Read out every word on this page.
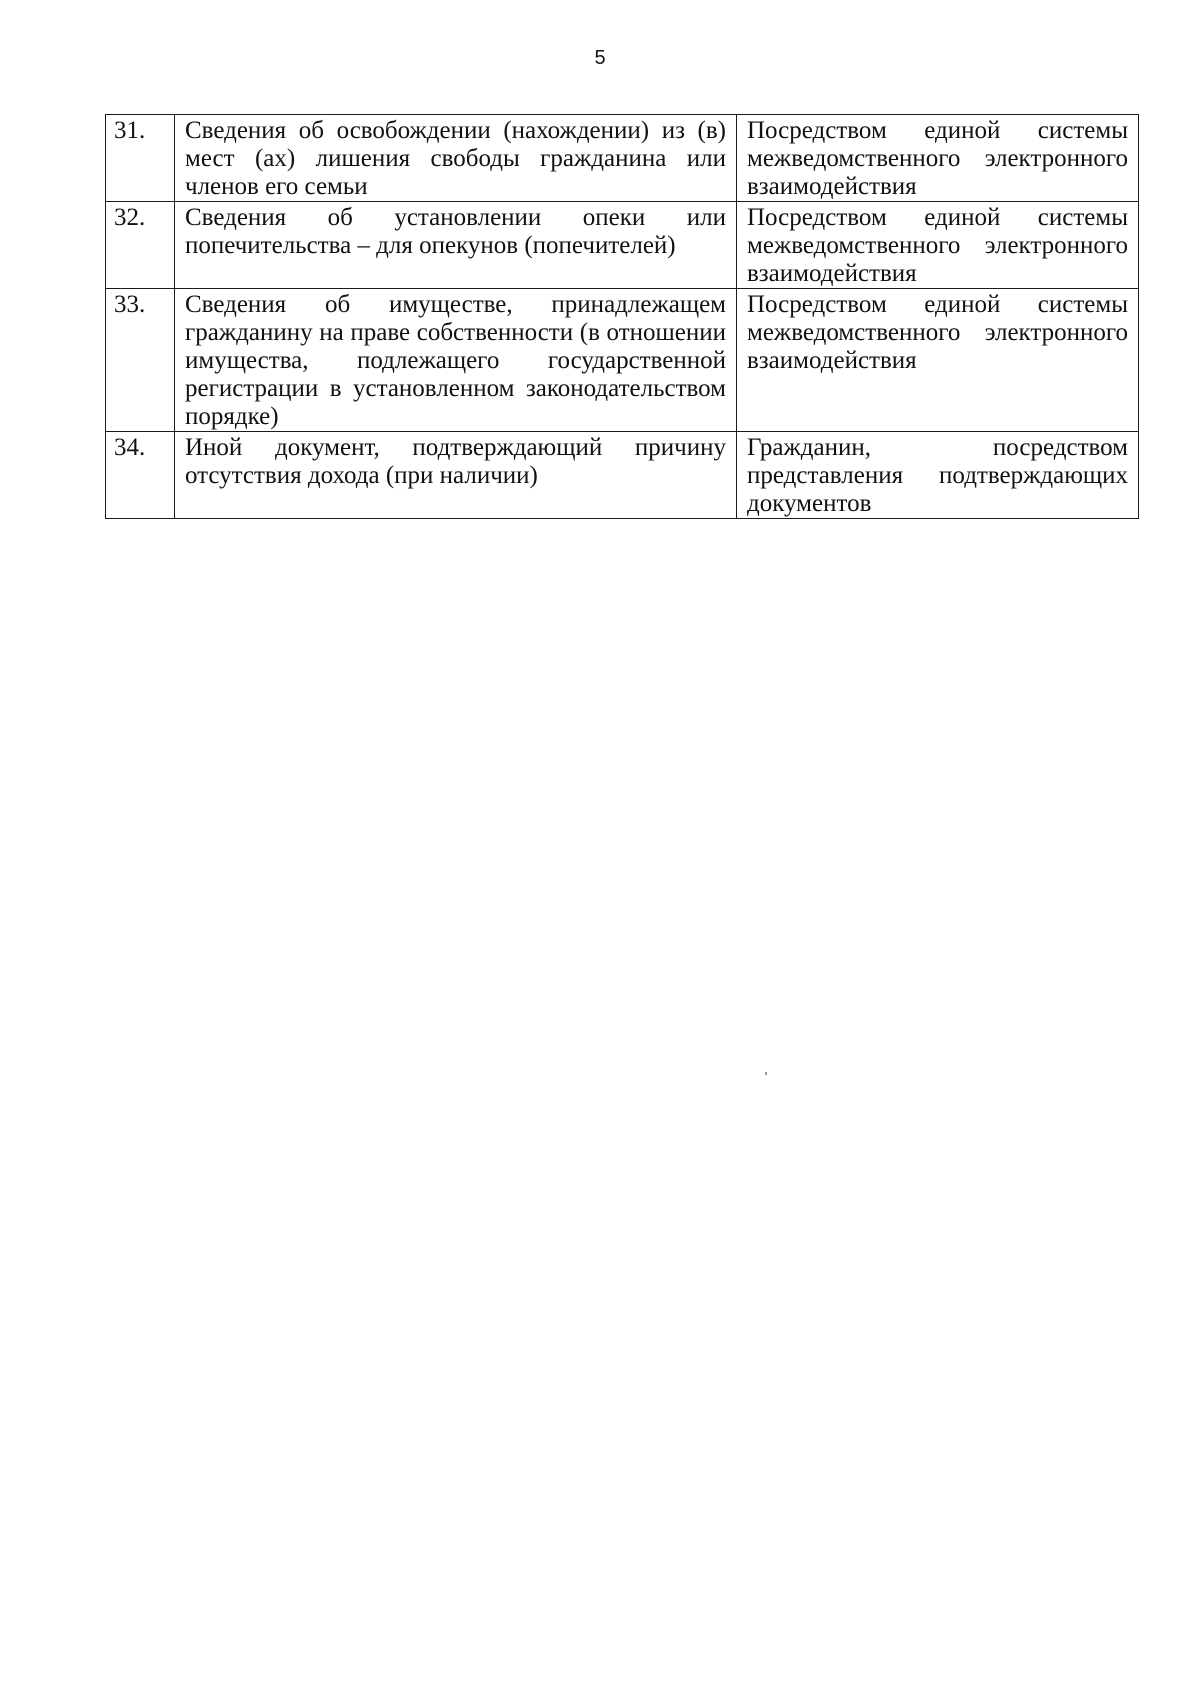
5
31.	Сведения об освобождении (нахождении) из (в) мест (ах) лишения свободы гражданина или членов его семьи	Посредством единой системы межведомственного электронного взаимодействия
32.	Сведения об установлении опеки или попечительства – для опекунов (попечителей)	Посредством единой системы межведомственного электронного взаимодействия
33.	Сведения об имуществе, принадлежащем гражданину на праве собственности (в отношении имущества, подлежащего государственной регистрации в установленном законодательством порядке)	Посредством единой системы межведомственного электронного взаимодействия
34.	Иной документ, подтверждающий причину отсутствия дохода (при наличии)	Гражданин, посредством представления подтверждающих документов
